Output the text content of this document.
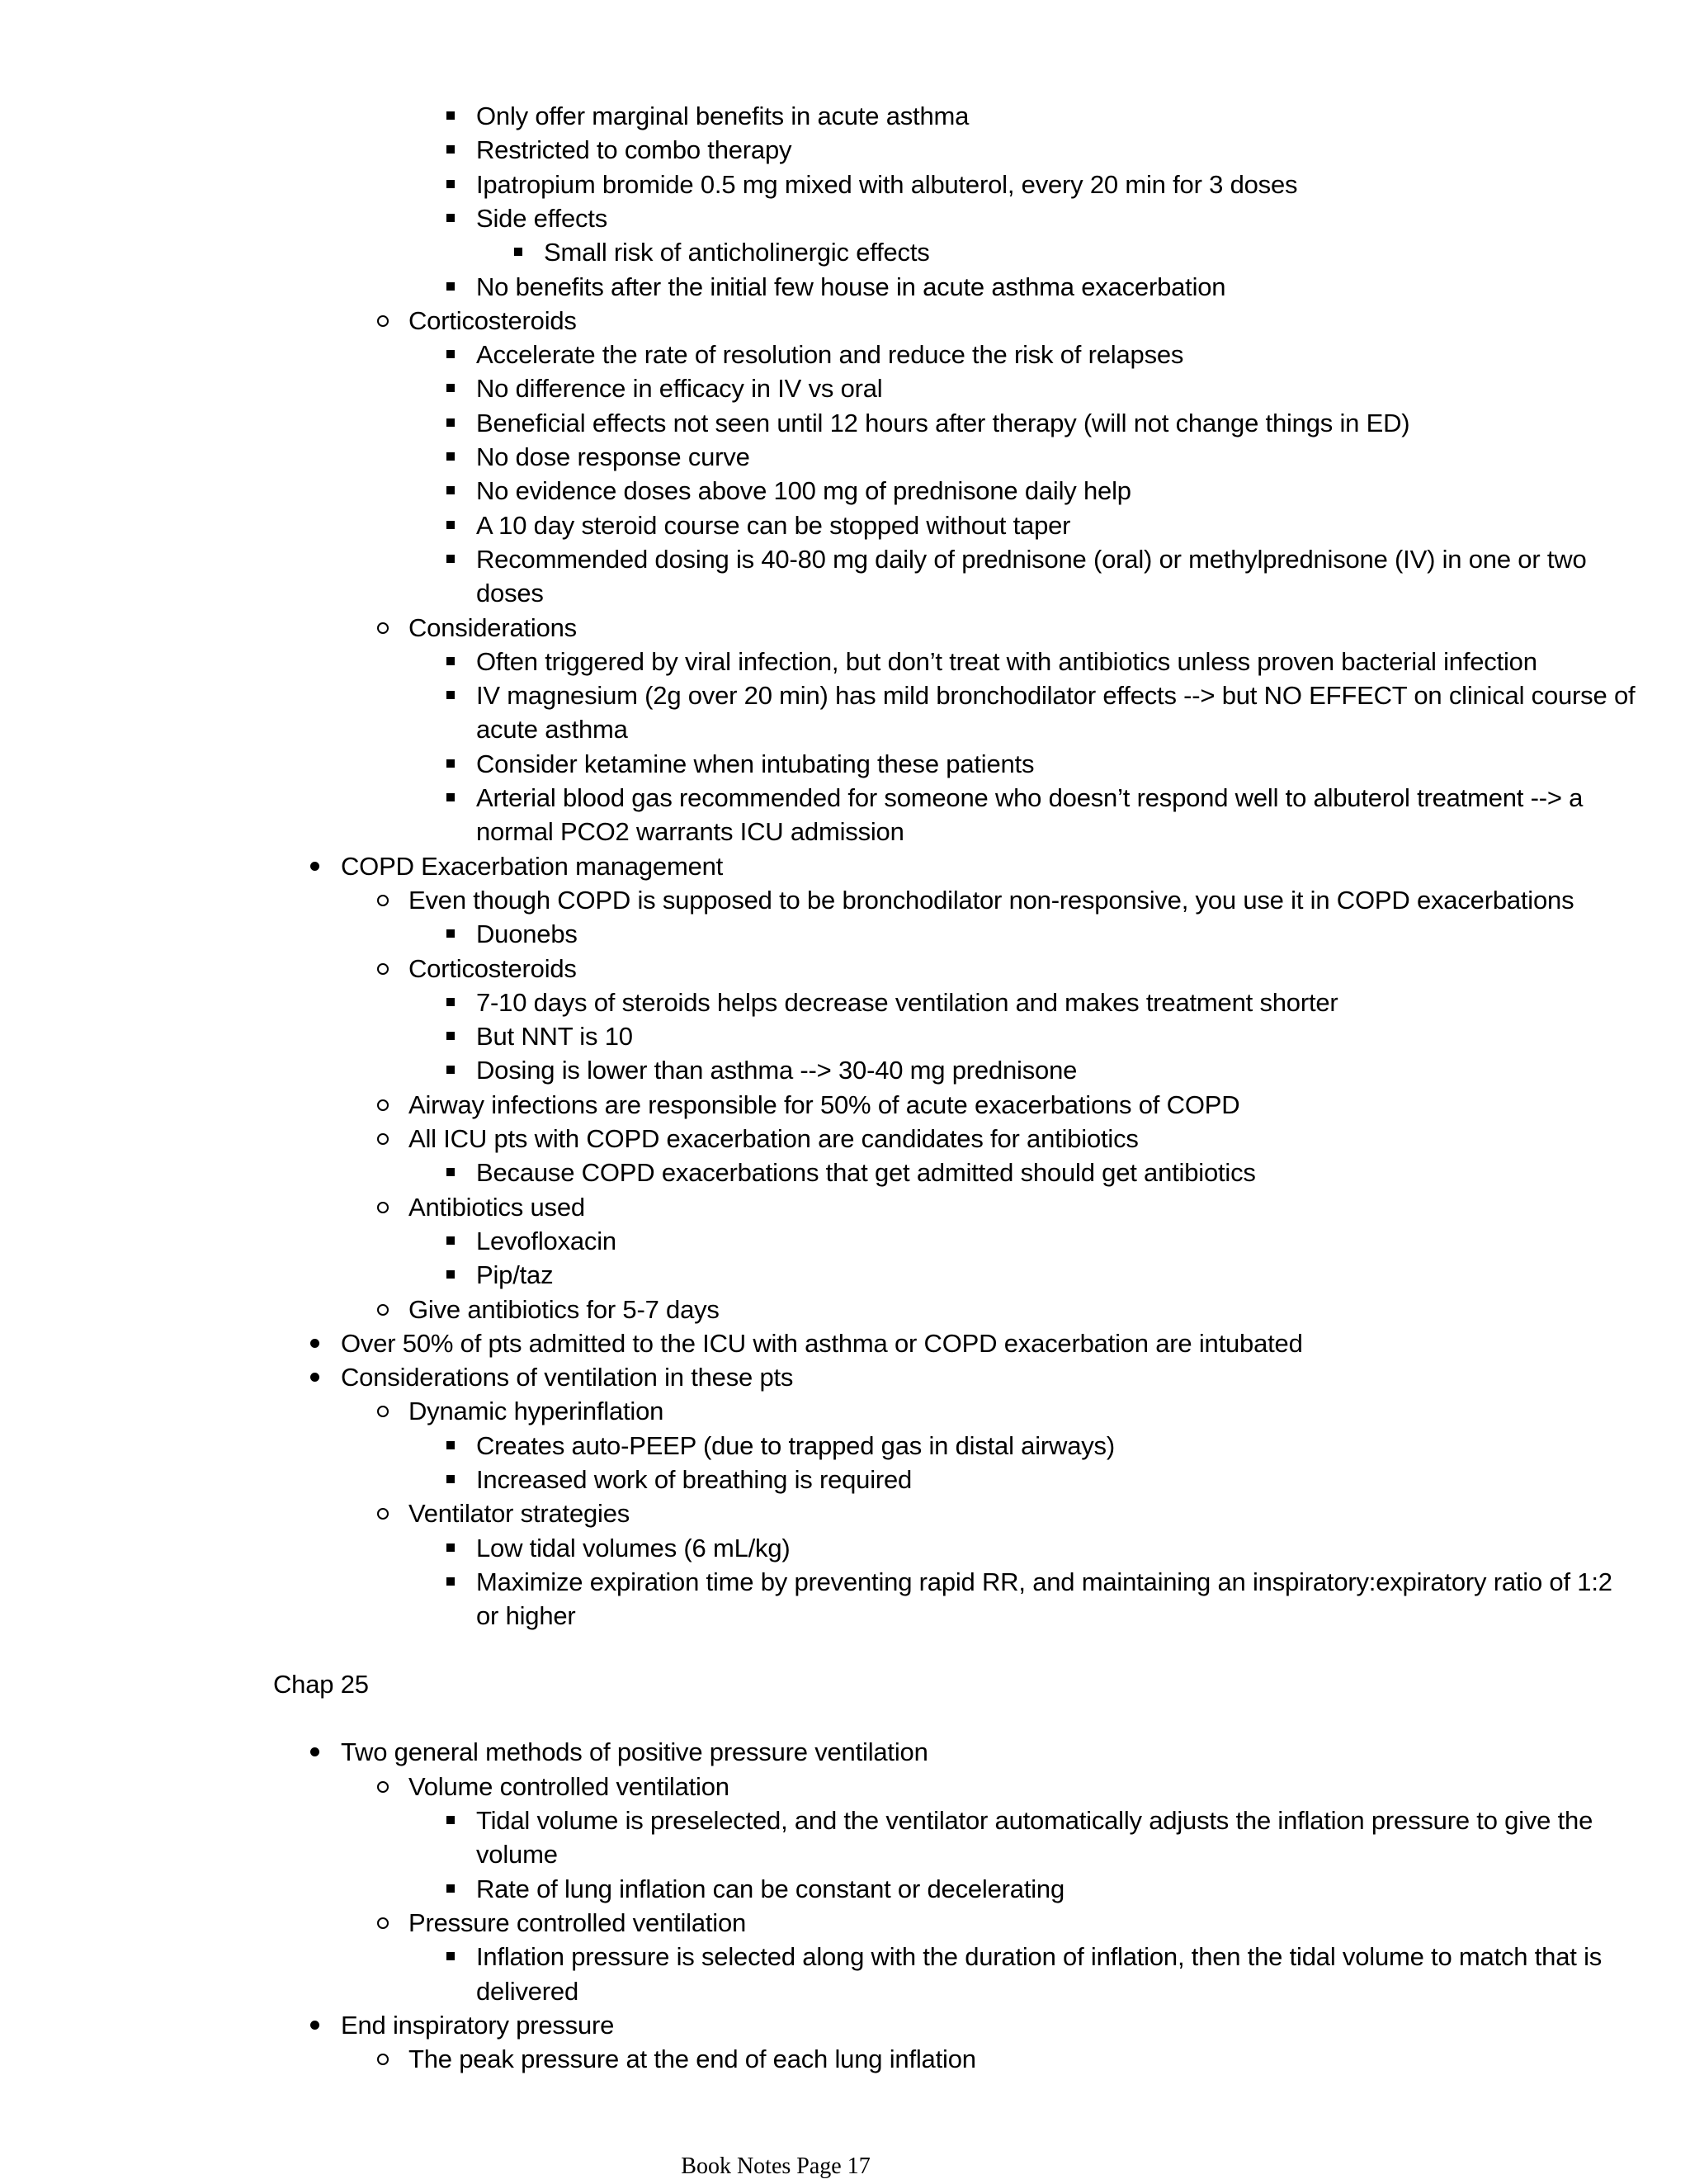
Only offer marginal benefits in acute asthma
Restricted to combo therapy
Ipatropium bromide 0.5 mg mixed with albuterol, every 20 min for 3 doses
Side effects
Small risk of anticholinergic effects
No benefits after the initial few house in acute asthma exacerbation
Corticosteroids
Accelerate the rate of resolution and reduce the risk of relapses
No difference in efficacy in IV vs oral
Beneficial effects not seen until 12 hours after therapy (will not change things in ED)
No dose response curve
No evidence doses above 100 mg of prednisone daily help
A 10 day steroid course can be stopped without taper
Recommended dosing is 40-80 mg daily of prednisone (oral) or methylprednisone (IV) in one or two
doses
Considerations
Often triggered by viral infection, but don’t treat with antibiotics unless proven bacterial infection
IV magnesium (2g over 20 min) has mild bronchodilator effects --> but NO EFFECT on clinical course of
acute asthma
Consider ketamine when intubating these patients
Arterial blood gas recommended for someone who doesn’t respond well to albuterol treatment --> a
normal PCO2 warrants ICU admission
COPD Exacerbation management
Even though COPD is supposed to be bronchodilator non-responsive, you use it in COPD exacerbations
Duonebs
Corticosteroids
7-10 days of steroids helps decrease ventilation and makes treatment shorter
But NNT is 10
Dosing is lower than asthma --> 30-40 mg prednisone
Airway infections are responsible for 50% of acute exacerbations of COPD
All ICU pts with COPD exacerbation are candidates for antibiotics
Because COPD exacerbations that get admitted should get antibiotics
Antibiotics used
Levofloxacin
Pip/taz
Give antibiotics for 5-7 days
Over 50% of pts admitted to the ICU with asthma or COPD exacerbation are intubated
Considerations of ventilation in these pts
Dynamic hyperinflation
Creates auto-PEEP (due to trapped gas in distal airways)
Increased work of breathing is required
Ventilator strategies
Low tidal volumes (6 mL/kg)
Maximize expiration time by preventing rapid RR, and maintaining an inspiratory:expiratory ratio of 1:2
or higher
Chap 25
Two general methods of positive pressure ventilation
Volume controlled ventilation
Tidal volume is preselected, and the ventilator automatically adjusts the inflation pressure to give the
volume
Rate of lung inflation can be constant or decelerating
Pressure controlled ventilation
Inflation pressure is selected along with the duration of inflation, then the tidal volume to match that is
delivered
End inspiratory pressure
The peak pressure at the end of each lung inflation
Book Notes Page 17
